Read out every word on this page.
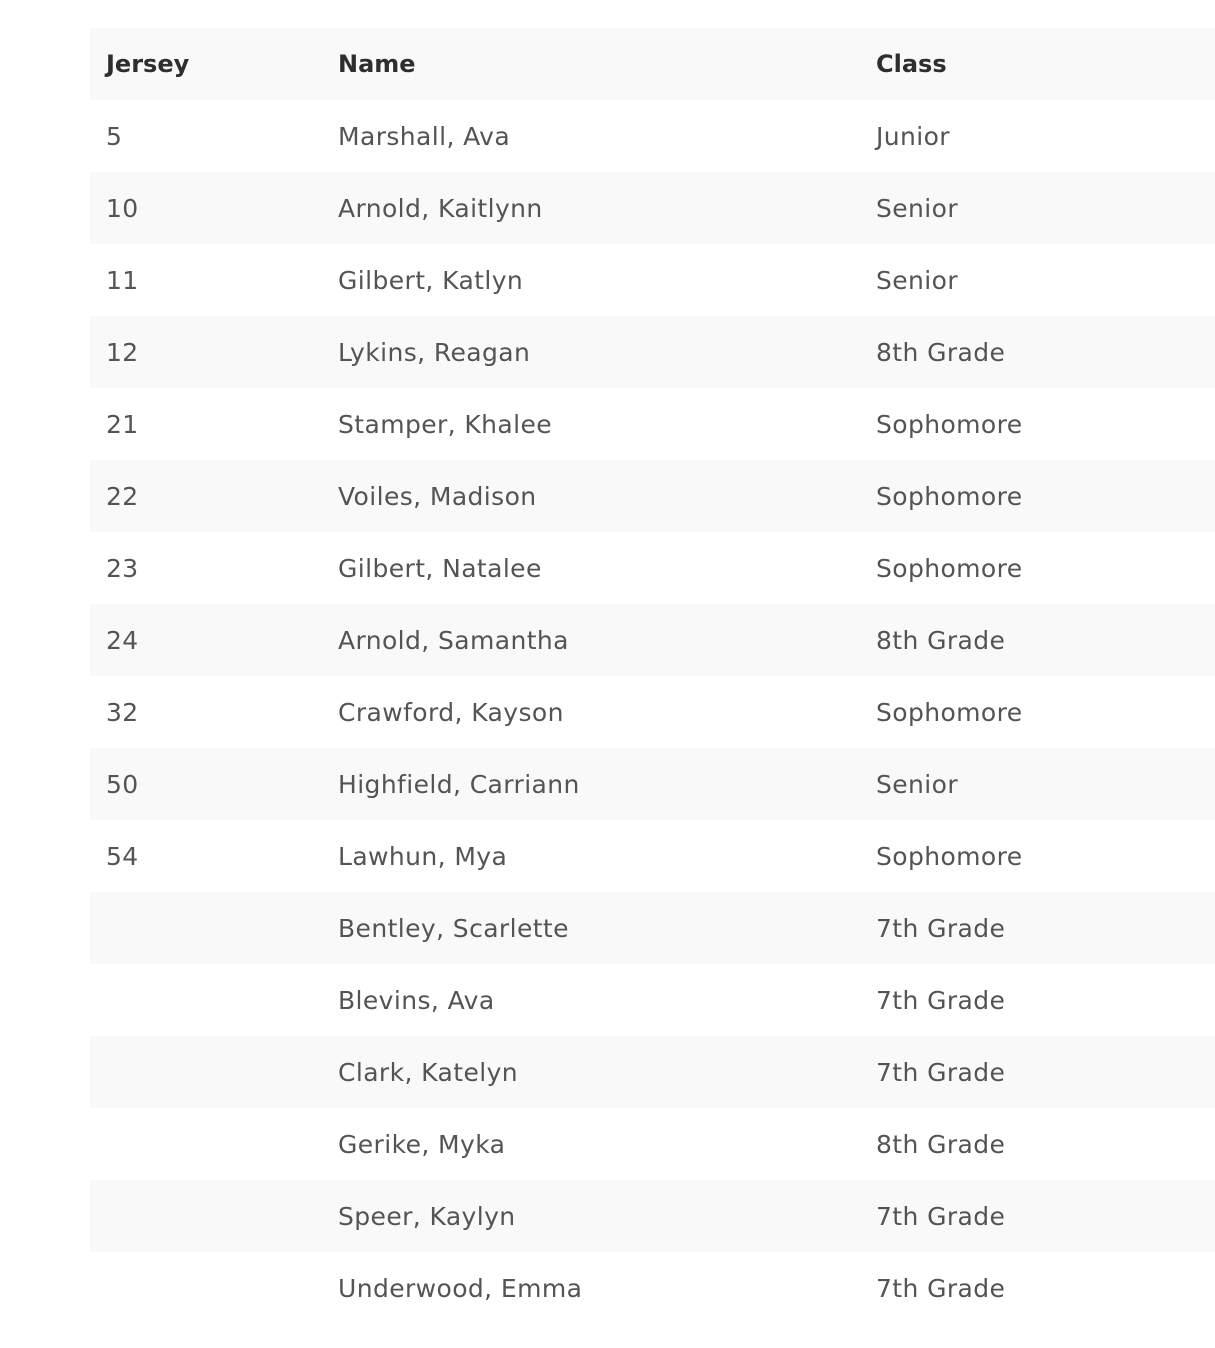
Jersey	Name	Class
5	Marshall, Ava	Junior
10	Arnold, Kaitlynn	Senior
11	Gilbert, Katlyn	Senior
12	Lykins, Reagan	8th Grade
21	Stamper, Khalee	Sophomore
22	Voiles, Madison	Sophomore
23	Gilbert, Natalee	Sophomore
24	Arnold, Samantha	8th Grade
32	Crawford, Kayson	Sophomore
50	Highfield, Carriann	Senior
54	Lawhun, Mya	Sophomore
	Bentley, Scarlette	7th Grade
	Blevins, Ava	7th Grade
	Clark, Katelyn	7th Grade
	Gerike, Myka	8th Grade
	Speer, Kaylyn	7th Grade
	Underwood, Emma	7th Grade
